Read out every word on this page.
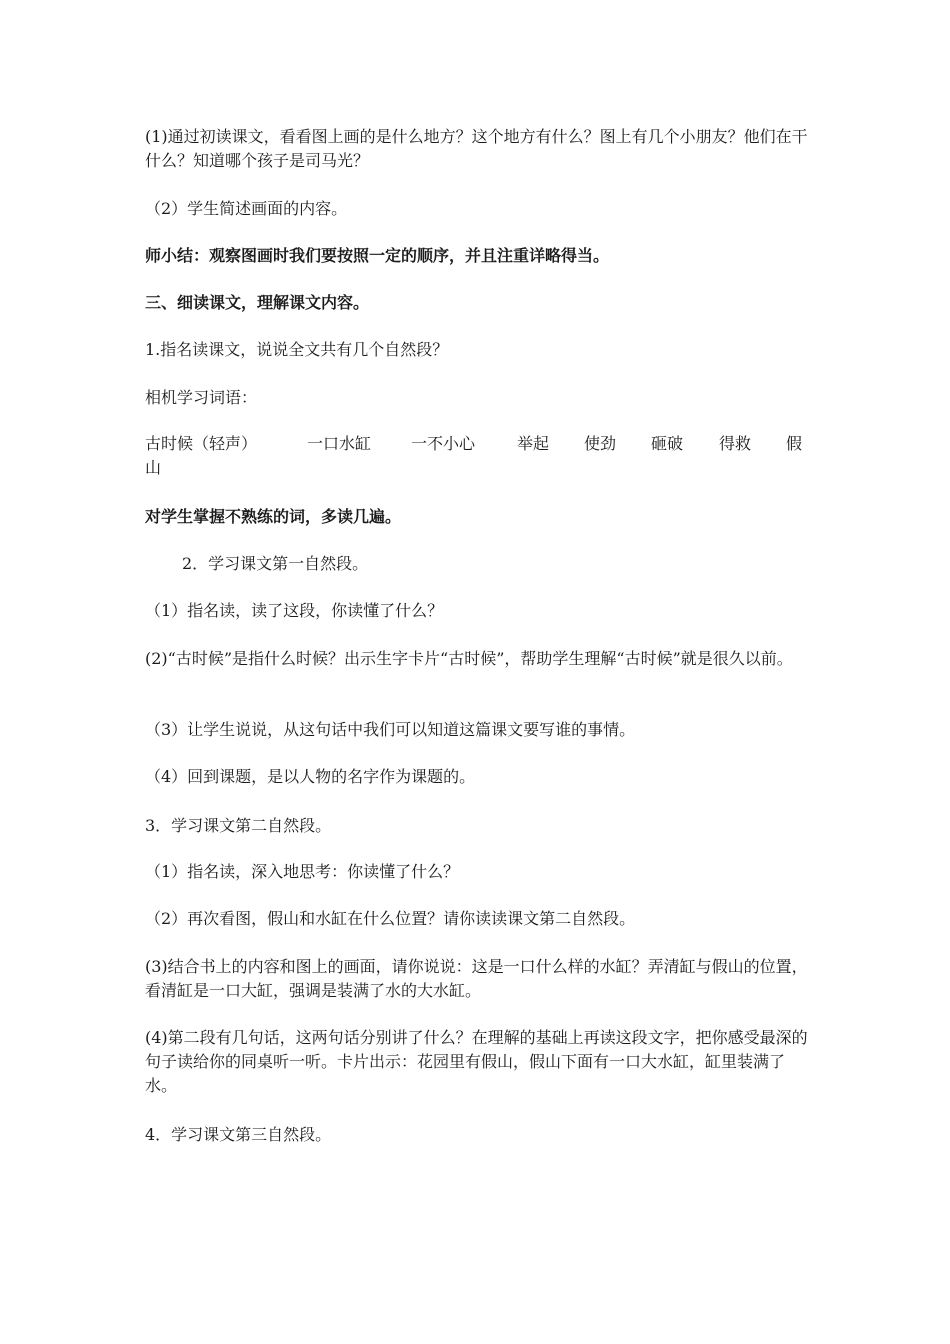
(1)通过初读课文，看看图上画的是什么地方？这个地方有什么？图上有几个小朋友？他们在干什么？知道哪个孩子是司马光？

（2）学生简述画面的内容。

师小结：观察图画时我们要按照一定的顺序，并且注重详略得当。

三、细读课文，理解课文内容。

1.指名读课文，说说全文共有几个自然段？

相机学习词语：

古时候（轻声）	一口水缸 一不小心	举起 使劲 砸破 得救 假
山

对学生掌握不熟练的词，多读几遍。

2．学习课文第一自然段。

（1）指名读，读了这段，你读懂了什么？

(2)“古时候”是指什么时候？出示生字卡片“古时候”，帮助学生理解“古时候”就是很久以前。

（3）让学生说说，从这句话中我们可以知道这篇课文要写谁的事情。

（4）回到课题，是以人物的名字作为课题的。

3．学习课文第二自然段。

（1）指名读，深入地思考：你读懂了什么？

（2）再次看图，假山和水缸在什么位置？请你读读课文第二自然段。

(3)结合书上的内容和图上的画面，请你说说：这是一口什么样的水缸？弄清缸与假山的位置，看清缸是一口大缸，强调是装满了水的大水缸。

(4)第二段有几句话，这两句话分别讲了什么？在理解的基础上再读这段文字，把你感受最深的句子读给你的同桌听一听。卡片出示：花园里有假山，假山下面有一口大水缸，缸里装满了水。

4．学习课文第三自然段。
